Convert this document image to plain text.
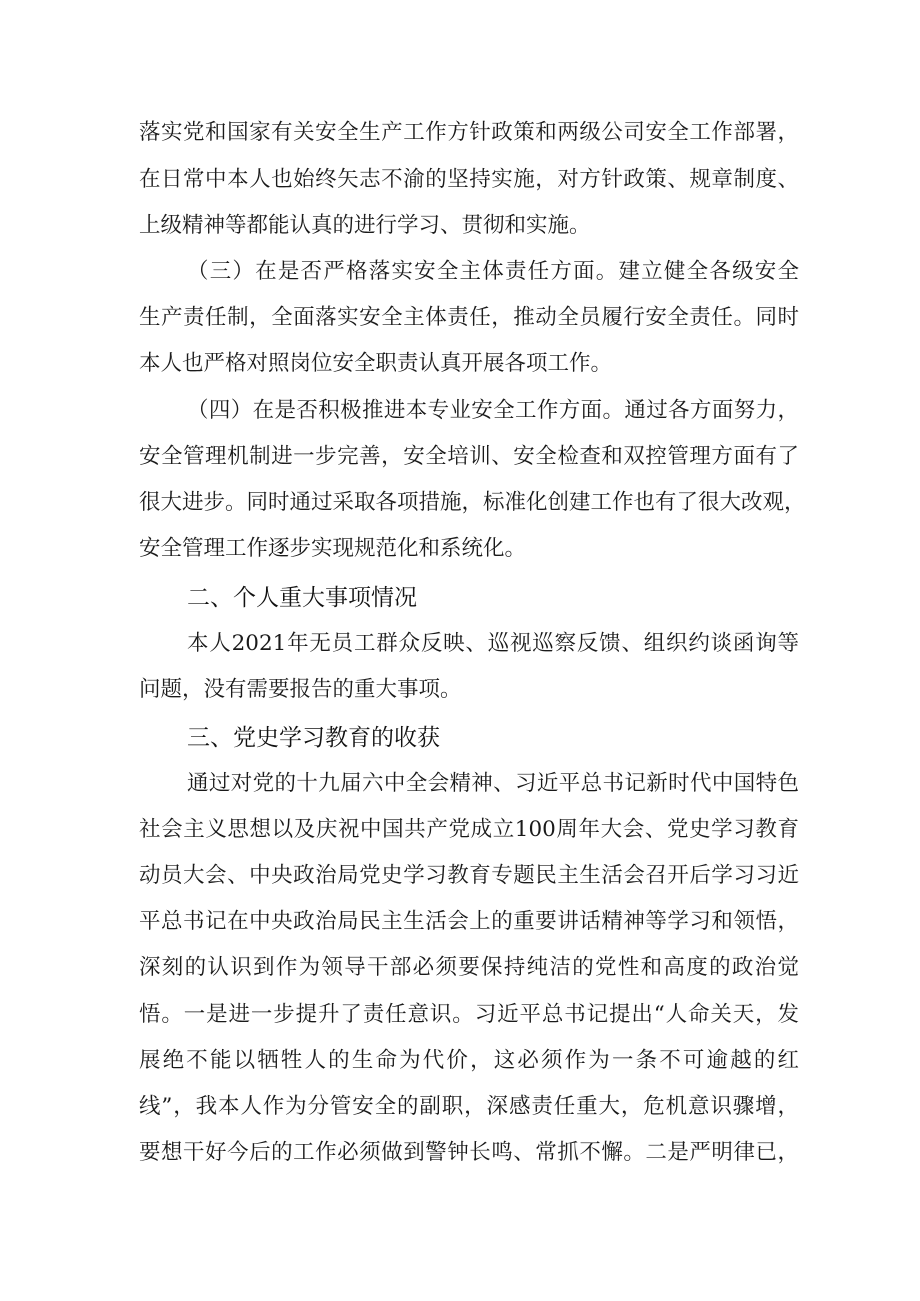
落实党和国家有关安全生产工作方针政策和两级公司安全工作部署，
在日常中本人也始终矢志不渝的坚持实施，对方针政策、规章制度、
上级精神等都能认真的进行学习、贯彻和实施。
（三）在是否严格落实安全主体责任方面。建立健全各级安全
生产责任制，全面落实安全主体责任，推动全员履行安全责任。同时
本人也严格对照岗位安全职责认真开展各项工作。
（四）在是否积极推进本专业安全工作方面。通过各方面努力，
安全管理机制进一步完善，安全培训、安全检查和双控管理方面有了
很大进步。同时通过采取各项措施，标准化创建工作也有了很大改观，
安全管理工作逐步实现规范化和系统化。
二、个人重大事项情况
本人2021年无员工群众反映、巡视巡察反馈、组织约谈函询等
问题，没有需要报告的重大事项。
三、党史学习教育的收获
通过对党的十九届六中全会精神、习近平总书记新时代中国特色
社会主义思想以及庆祝中国共产党成立100周年大会、党史学习教育
动员大会、中央政治局党史学习教育专题民主生活会召开后学习习近
平总书记在中央政治局民主生活会上的重要讲话精神等学习和领悟，
深刻的认识到作为领导干部必须要保持纯洁的党性和高度的政治觉
悟。一是进一步提升了责任意识。习近平总书记提出“人命关天，发
展绝不能以牺牲人的生命为代价，这必须作为一条不可逾越的红
线”，我本人作为分管安全的副职，深感责任重大，危机意识骤增，
要想干好今后的工作必须做到警钟长鸣、常抓不懈。二是严明律已，
